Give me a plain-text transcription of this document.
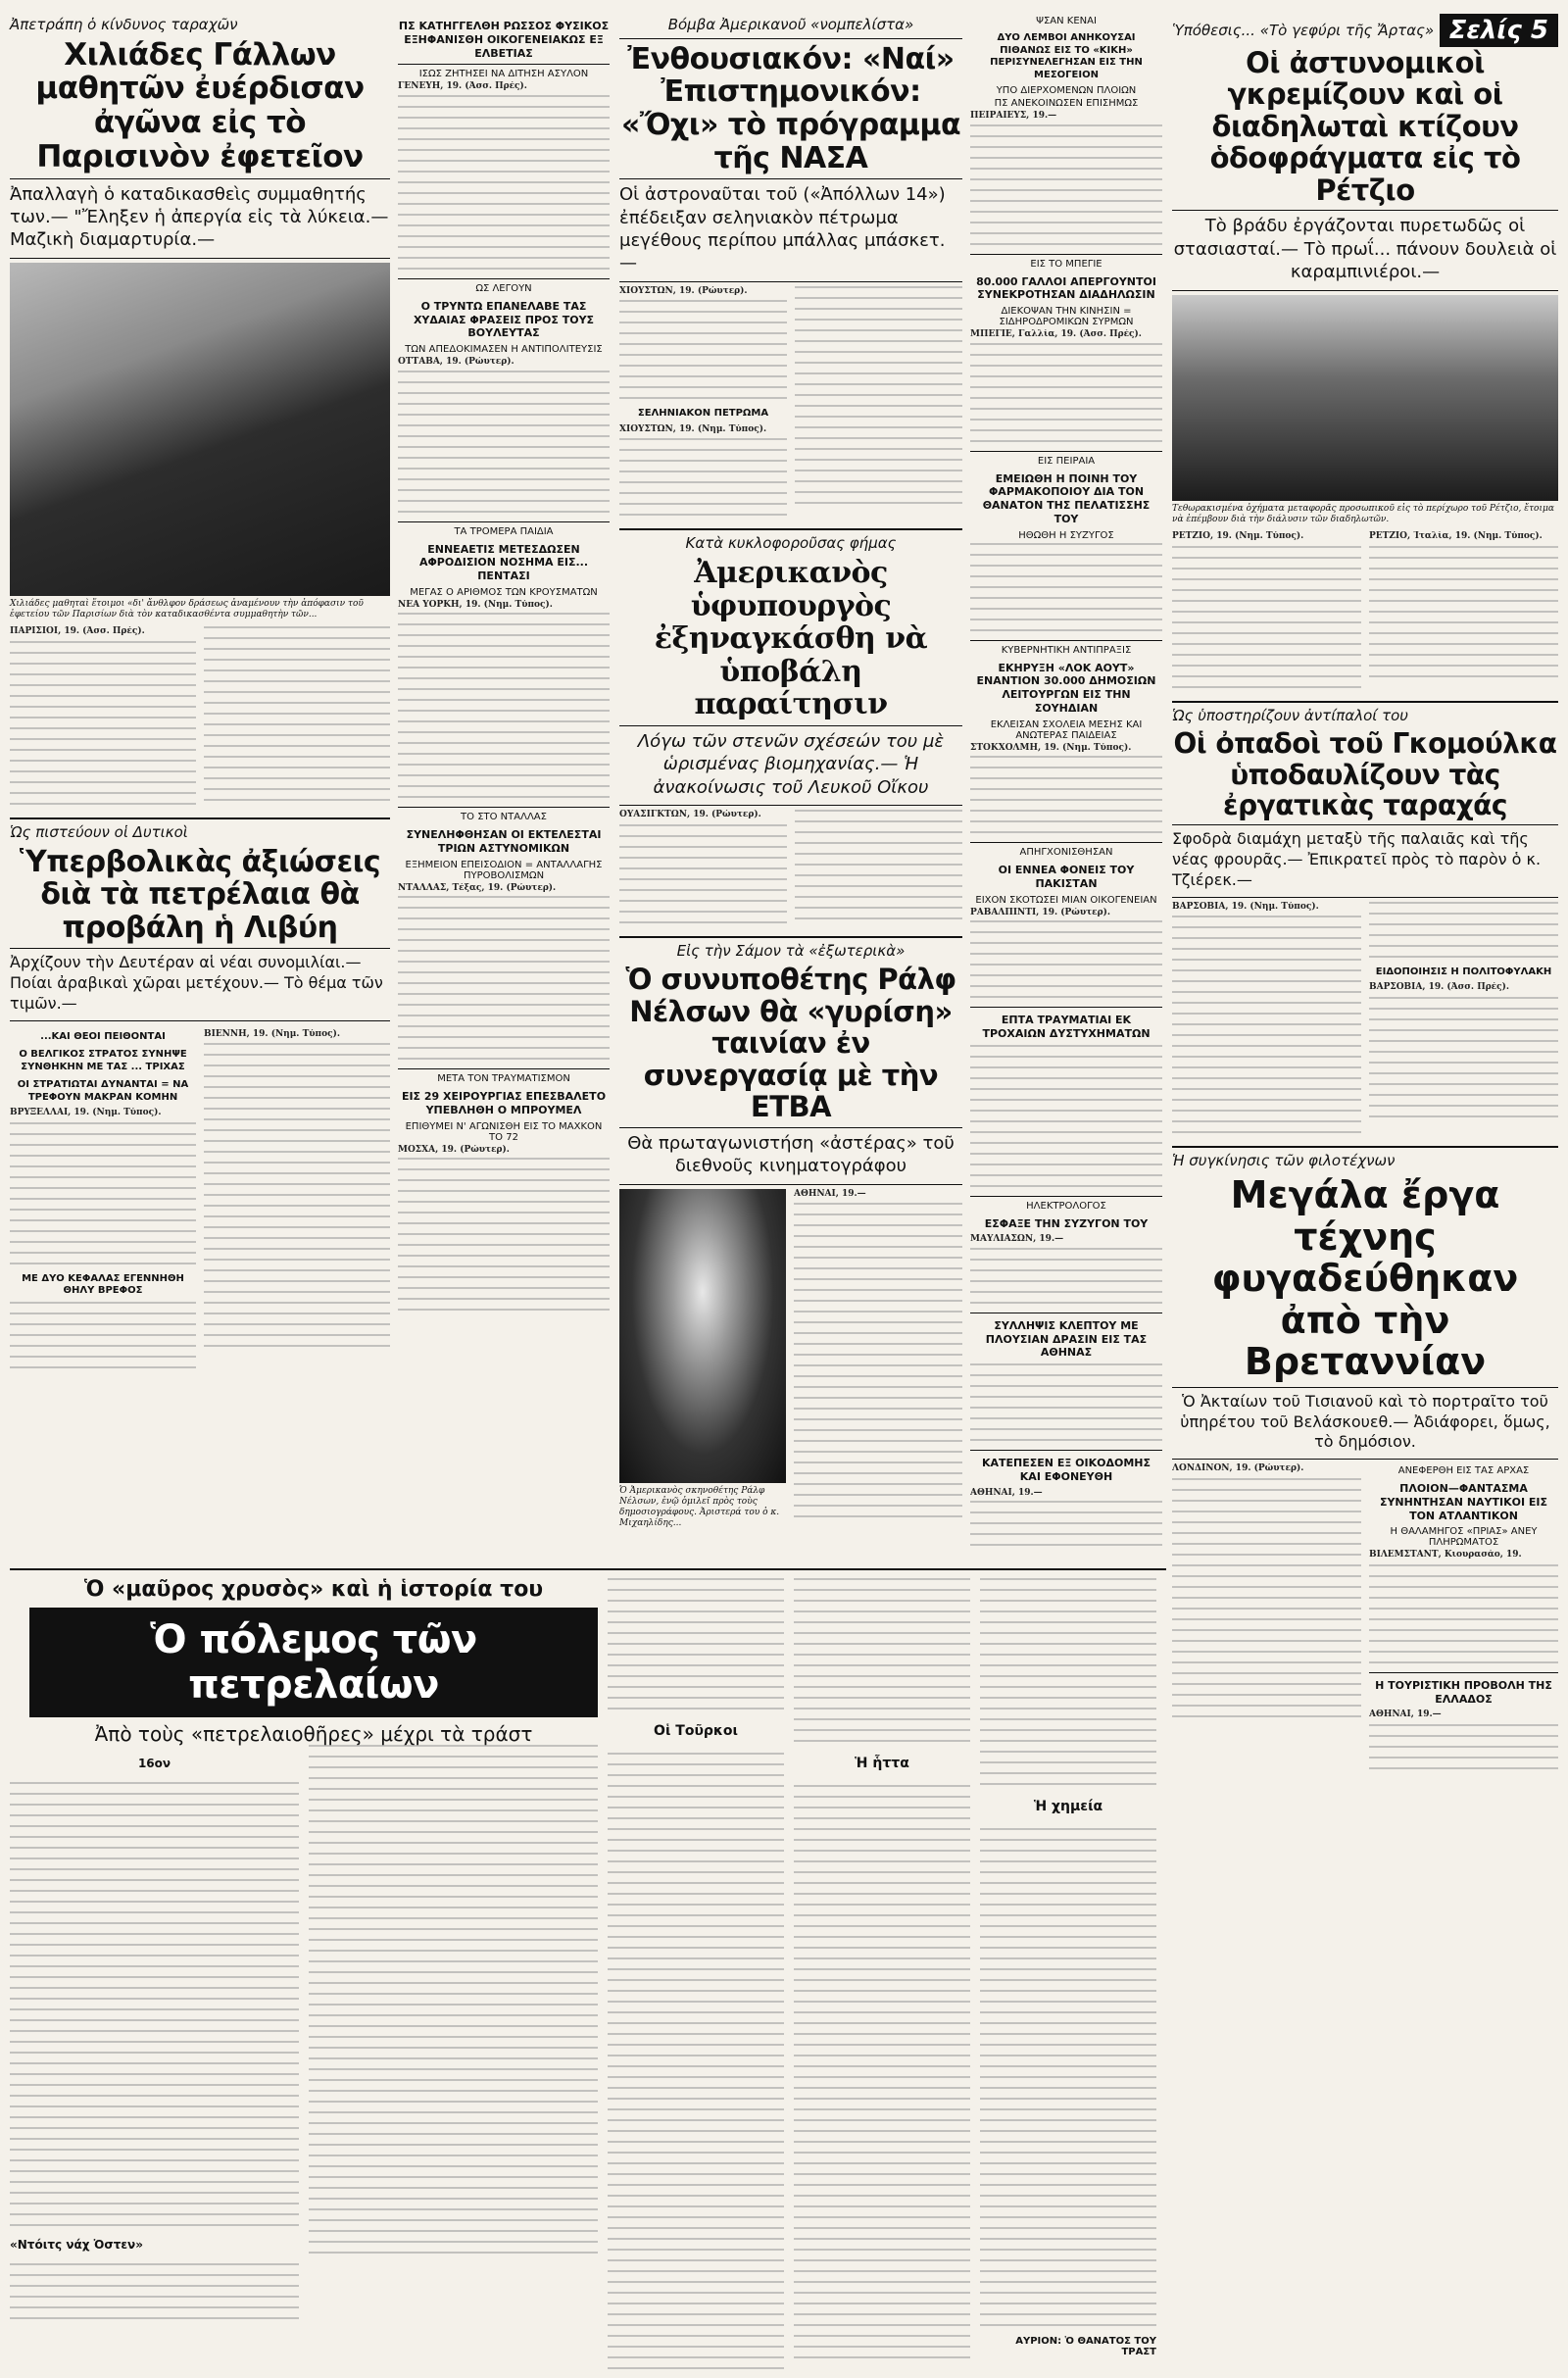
Ἀπετράπη ὁ κίνδυνος ταραχῶν

Χιλιάδες Γάλλων μαθητῶν ἐυέρδισαν ἀγῶνα εἰς τὸ Παρισινὸν ἐφετεῖον

Ἀπαλλαγὴ ὁ καταδικασθεὶς συμμαθητής των.— "Ἔληξεν ἡ ἀπεργία εἰς τὰ λύκεια.— Μαζικὴ διαμαρτυρία.—

Χιλιάδες μαθηταὶ ἕτοιμοι «δι' ἄνθλφον δράσεως ἀναμένουν τὴν ἀπόφασιν τοῦ ἐφετείου τῶν Παρισίων διὰ τὸν καταδικασθέντα συμμαθητὴν τῶν...

ΠΑΡΙΣΙΟΙ, 19. (Ἀσσ. Πρές).

Ὡς πιστεύουν οἱ Δυτικοὶ

Ὑπερβολικὰς ἀξιώσεις διὰ τὰ πετρέλαια θὰ προβάλη ἡ Λιβύη

Ἀρχίζουν τὴν Δευτέραν αἱ νέαι συνομιλίαι.— Ποίαι ἀραβικαὶ χῶραι μετέχουν.— Τὸ θέμα τῶν τιμῶν.—

...ΚΑΙ ΘΕΟΙ ΠΕΙΘΟΝΤΑΙ

Ο ΒΕΛΓΙΚΟΣ ΣΤΡΑΤΟΣ ΣΥΝΗΨΕ ΣΥΝΘΗΚΗΝ ΜΕ ΤΑΣ ... ΤΡΙΧΑΣ

ΟΙ ΣΤΡΑΤΙΩΤΑΙ ΔΥΝΑΝΤΑΙ = ΝΑ ΤΡΕΦΟΥΝ ΜΑΚΡΑΝ ΚΟΜΗΝ

ΒΡΥΞΕΛΛΑΙ, 19. (Νημ. Τύπος).

ΜΕ ΔΥΟ ΚΕΦΑΛΑΣ ΕΓΕΝΝΗΘΗ ΘΗΛΥ ΒΡΕΦΟΣ

ΒΙΕΝΝΗ, 19. (Νημ. Τύπος).

ΠΣ ΚΑΤΗΓΓΕΛΘΗ ΡΩΣΣΟΣ ΦΥΣΙΚΟΣ ΕΞΗΦΑΝΙΣΘΗ ΟΙΚΟΓΕΝΕΙΑΚΩΣ ΕΞ ΕΛΒΕΤΙΑΣ

ΙΣΩΣ ΖΗΤΗΣΕΙ ΝΑ ΔΙΤΗΣΗ ΑΣΥΛΟΝ

ΓΕΝΕΥΗ, 19. (Ἀσσ. Πρές).

ΩΣ ΛΕΓΟΥΝ

Ο ΤΡΥΝΤΩ ΕΠΑΝΕΛΑΒΕ ΤΑΣ ΧΥΔΑΙΑΣ ΦΡΑΣΕΙΣ ΠΡΟΣ ΤΟΥΣ ΒΟΥΛΕΥΤΑΣ

ΤΩΝ ΑΠΕΔΟΚΙΜΑΣΕΝ Η ΑΝΤΙΠΟΛΙΤΕΥΣΙΣ

ΟΤΤΑΒΑ, 19. (Ρώυτερ).

ΤΑ ΤΡΟΜΕΡΑ ΠΑΙΔΙΑ

ΕΝΝΕΑΕΤΙΣ ΜΕΤΕΣΔΩΣΕΝ ΑΦΡΟΔΙΣΙΟΝ ΝΟΣΗΜΑ ΕΙΣ... ΠΕΝΤΑΣΙ

ΜΕΓΑΣ Ο ΑΡΙΘΜΟΣ ΤΩΝ ΚΡΟΥΣΜΑΤΩΝ

ΝΕΑ ΥΟΡΚΗ, 19. (Νημ. Τύπος).

ΤΟ ΣΤΟ ΝΤΑΛΛΑΣ

ΣΥΝΕΛΗΦΘΗΣΑΝ ΟΙ ΕΚΤΕΛΕΣΤΑΙ ΤΡΙΩΝ ΑΣΤΥΝΟΜΙΚΩΝ

ΕΞΗΜΕΙΟΝ ΕΠΕΙΣΟΔΙΟΝ = ΑΝΤΑΛΛΑΓΗΣ ΠΥΡΟΒΟΛΙΣΜΩΝ

ΝΤΑΛΛΑΣ, Τέξας, 19. (Ρώυτερ).

ΜΕΤΑ ΤΟΝ ΤΡΑΥΜΑΤΙΣΜΟΝ

ΕΙΣ 29 ΧΕΙΡΟΥΡΓΙΑΣ ΕΠΕΣΒΑΛΕΤΟ ΥΠΕΒΛΗΘΗ Ο ΜΠΡΟΥΜΕΛ

ΕΠΙΘΥΜΕΙ Ν' ΑΓΩΝΙΣΘΗ ΕΙΣ ΤΟ ΜΑΧΚΟΝ ΤΟ 72

ΜΟΣΧΑ, 19. (Ρώυτερ).

Βόμβα Ἀμερικανοῦ «νομπελίστα»

Ἐνθουσιακόν: «Ναί» Ἐπιστημονικόν: «Ὄχι» τὸ πρόγραμμα τῆς ΝΑΣΑ

Οἱ ἀστροναῦται τοῦ («Ἀπόλλων 14») ἐπέδειξαν σεληνιακὸν πέτρωμα μεγέθους περίπου μπάλλας μπάσκετ.—

ΧΙΟΥΣΤΩΝ, 19. (Ρώυτερ).

ΣΕΛΗΝΙΑΚΟΝ ΠΕΤΡΩΜΑ

ΧΙΟΥΣΤΩΝ, 19. (Νημ. Τύπος).

Κατὰ κυκλοφοροῦσας φήμας

Ἀμερικανὸς ὑφυπουργὸς ἐξηναγκάσθη νὰ ὑποβάλη παραίτησιν

Λόγω τῶν στενῶν σχέσεών του μὲ ὡρισμένας βιομηχανίας.— Ἡ ἀνακοίνωσις τοῦ Λευκοῦ Οἴκου

ΟΥΑΣΙΓΚΤΩΝ, 19. (Ρώυτερ).

Εἰς τὴν Σάμον τὰ «ἐξωτερικὰ»

Ὁ συνυποθέτης Ράλφ Νέλσων θὰ «γυρίση» ταινίαν ἐν συνεργασίᾳ μὲ τὴν ΕΤΒΑ

Θὰ πρωταγωνιστήση «ἀστέρας» τοῦ διεθνοῦς κινηματογράφου

Ὁ Ἀμερικανὸς σκηνοθέτης Ράλφ Νέλσων, ἐνῷ ὁμιλεῖ πρὸς τοὺς δημοσιογράφους. Ἀριστερά του ὁ κ. Μιχαηλίδης...

ΑΘΗΝΑΙ, 19.—

ΨΣΑΝ ΚΕΝΑΙ

ΔΥΟ ΛΕΜΒΟΙ ΑΝΗΚΟΥΣΑΙ ΠΙΘΑΝΩΣ ΕΙΣ ΤΟ «ΚΙΚΗ» ΠΕΡΙΣΥΝΕΛΕΓΗΣΑΝ ΕΙΣ ΤΗΝ ΜΕΣΟΓΕΙΟΝ

ΥΠΟ ΔΙΕΡΧΟΜΕΝΩΝ ΠΛΟΙΩΝ

ΠΣ ΑΝΕΚΟΙΝΩΣΕΝ ΕΠΙΣΗΜΩΣ

ΠΕΙΡΑΙΕΥΣ, 19.—

ΕΙΣ ΤΟ ΜΠΕΓΙΕ

80.000 ΓΑΛΛΟΙ ΑΠΕΡΓΟΥΝΤΟΙ ΣΥΝΕΚΡΟΤΗΣΑΝ ΔΙΑΔΗΛΩΣΙΝ

ΔΙΕΚΟΨΑΝ ΤΗΝ ΚΙΝΗΣΙΝ = ΣΙΔΗΡΟΔΡΟΜΙΚΩΝ ΣΥΡΜΩΝ

ΜΠΕΓΙΕ, Γαλλία, 19. (Ἀσσ. Πρές).

ΕΙΣ ΠΕΙΡΑΙΑ

ΕΜΕΙΩΘΗ Η ΠΟΙΝΗ ΤΟΥ ΦΑΡΜΑΚΟΠΟΙΟΥ ΔΙΑ ΤΟΝ ΘΑΝΑΤΟΝ ΤΗΣ ΠΕΛΑΤΙΣΣΗΣ ΤΟΥ

ΗΘΩΘΗ Η ΣΥΖΥΓΟΣ

ΚΥΒΕΡΝΗΤΙΚΗ ΑΝΤΙΠΡΑΞΙΣ

ΕΚΗΡΥΞΗ «ΛΟΚ ΑΟΥΤ» ΕΝΑΝΤΙΟΝ 30.000 ΔΗΜΟΣΙΩΝ ΛΕΙΤΟΥΡΓΩΝ ΕΙΣ ΤΗΝ ΣΟΥΗΔΙΑΝ

ΕΚΛΕΙΣΑΝ ΣΧΟΛΕΙΑ ΜΕΣΗΣ ΚΑΙ ΑΝΩΤΕΡΑΣ ΠΑΙΔΕΙΑΣ

ΣΤΟΚΧΟΛΜΗ, 19. (Νημ. Τύπος).

ΑΠΗΓΧΟΝΙΣΘΗΣΑΝ

ΟΙ ΕΝΝΕΑ ΦΟΝΕΙΣ ΤΟΥ ΠΑΚΙΣΤΑΝ

ΕΙΧΟΝ ΣΚΟΤΩΣΕΙ ΜΙΑΝ ΟΙΚΟΓΕΝΕΙΑΝ

ΡΑΒΑΛΠΙΝΤΙ, 19. (Ρώυτερ).

ΕΠΤΑ ΤΡΑΥΜΑΤΙΑΙ ΕΚ ΤΡΟΧΑΙΩΝ ΔΥΣΤΥΧΗΜΑΤΩΝ

ΗΛΕΚΤΡΟΛΟΓΟΣ

ΕΣΦΑΞΕ ΤΗΝ ΣΥΖΥΓΟΝ ΤΟΥ

ΜΑΥΛΙΑΣΩΝ, 19.—

ΣΥΛΛΗΨΙΣ ΚΛΕΠΤΟΥ ΜΕ ΠΛΟΥΣΙΑΝ ΔΡΑΣΙΝ ΕΙΣ ΤΑΣ ΑΘΗΝΑΣ

ΚΑΤΕΠΕΣΕΝ ΕΞ ΟΙΚΟΔΟΜΗΣ ΚΑΙ ΕΦΟΝΕΥΘΗ

ΑΘΗΝΑΙ, 19.—

Σελίς 5

Ὑπόθεσις... «Τὸ γεφύρι τῆς Ἄρτας»

Οἱ ἀστυνομικοὶ γκρεμίζουν καὶ οἱ διαδηλωταὶ κτίζουν ὁδοφράγματα εἰς τὸ Ρέτζιο

Τὸ βράδυ ἐργάζονται πυρετωδῶς οἱ στασιασταί.— Τὸ πρωΐ... πάνουν δουλειὰ οἱ καραμπινιέροι.—

Τεθωρακισμένα ὀχήματα μεταφορᾶς προσωπικοῦ εἰς τὸ περίχωρο τοῦ Ρέτζιο, ἔτοιμα νὰ ἐπέμβουν διὰ τὴν διάλυσιν τῶν διαδηλωτῶν.

ΡΕΤΖΙΟ, 19. (Νημ. Τύπος).	ΡΕΤΖΙΟ, Ἰταλία, 19. (Νημ. Τύπος).

Ὡς ὑποστηρίζουν ἀντίπαλοί του

Οἱ ὀπαδοὶ τοῦ Γκομούλκα ὑποδαυλίζουν τὰς ἐργατικὰς ταραχάς

Σφοδρὰ διαμάχη μεταξὺ τῆς παλαιᾶς καὶ τῆς νέας φρουρᾶς.— Ἐπικρατεῖ πρὸς τὸ παρὸν ὁ κ. Τζιέρεκ.—

ΒΑΡΣΟΒΙΑ, 19. (Νημ. Τύπος).

ΕΙΔΟΠΟΙΗΣΙΣ Η ΠΟΛΙΤΟΦΥΛΑΚΗ

ΒΑΡΣΟΒΙΑ, 19. (Ἀσσ. Πρές).

Ἡ συγκίνησις τῶν φιλοτέχνων

Μεγάλα ἔργα τέχνης φυγαδεύθηκαν ἀπὸ τὴν Βρεταννίαν

Ὁ Ἀκταίων τοῦ Τισιανοῦ καὶ τὸ πορτραῖτο τοῦ ὑπηρέτου τοῦ Βελάσκουεθ.— Ἀδιάφορει, ὅμως, τὸ δημόσιον.

ΛΟΝΔΙΝΟΝ, 19. (Ρώυτερ).	ΑΝΕΦΕΡΘΗ ΕΙΣ ΤΑΣ ΑΡΧΑΣ

ΠΛΟΙΟΝ—ΦΑΝΤΑΣΜΑ ΣΥΝΗΝΤΗΣΑΝ ΝΑΥΤΙΚΟΙ ΕΙΣ ΤΟΝ ΑΤΛΑΝΤΙΚΟΝ

Η ΘΑΛΑΜΗΓΟΣ «ΠΡΙΑΣ» ΑΝΕΥ ΠΛΗΡΩΜΑΤΟΣ

ΒΙΛΕΜΣΤΑΝΤ, Κιουρασάο, 19.

Η ΤΟΥΡΙΣΤΙΚΗ ΠΡΟΒΟΛΗ ΤΗΣ ΕΛΛΑΔΟΣ

ΑΘΗΝΑΙ, 19.—

Ὁ «μαῦρος χρυσὸς» καὶ ἡ ἱστορία του

Ὁ πόλεμος τῶν πετρελαίων

Ἀπὸ τοὺς «πετρελαιοθῆρες» μέχρι τὰ τράστ

16ον

«Ντόιτς νάχ Ὀστεν»

Οἱ Τοῦρκοι

Ἡ ἧττα

Ἡ χημεία

ΑΥΡΙΟΝ: Ὁ ΘΑΝΑΤΟΣ ΤΟΥ ΤΡΑΣΤ
